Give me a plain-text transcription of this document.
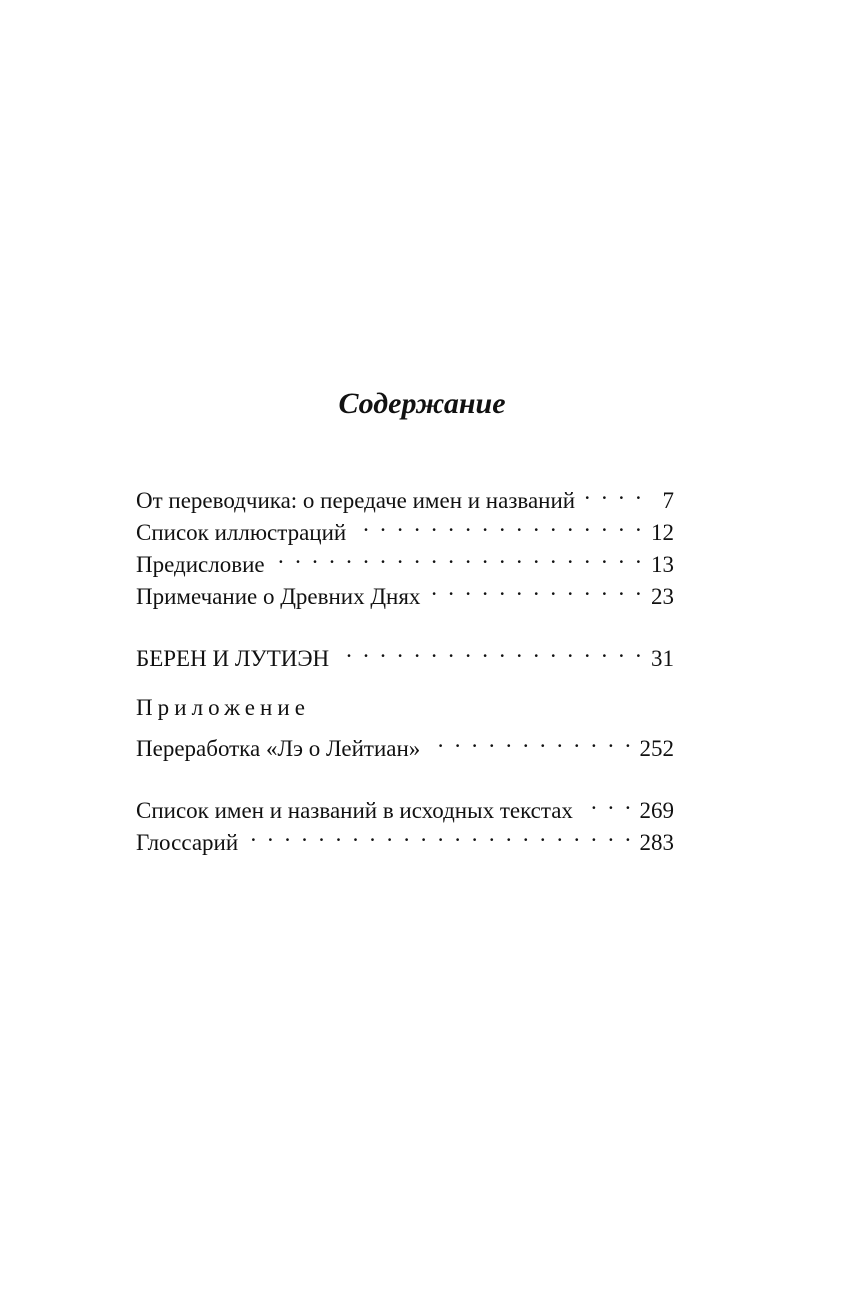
Содержание
От переводчика: о передаче имен и названий . . .	7
Список иллюстраций . . .	12
Предисловие . . .	13
Примечание о Древних Днях . . .	23
БЕРЕН И ЛУТИЭН . . .	31
Приложение
Переработка «Лэ о Лейтиан» . . .	252
Список имен и названий в исходных текстах . . .	269
Глоссарий . . .	283
